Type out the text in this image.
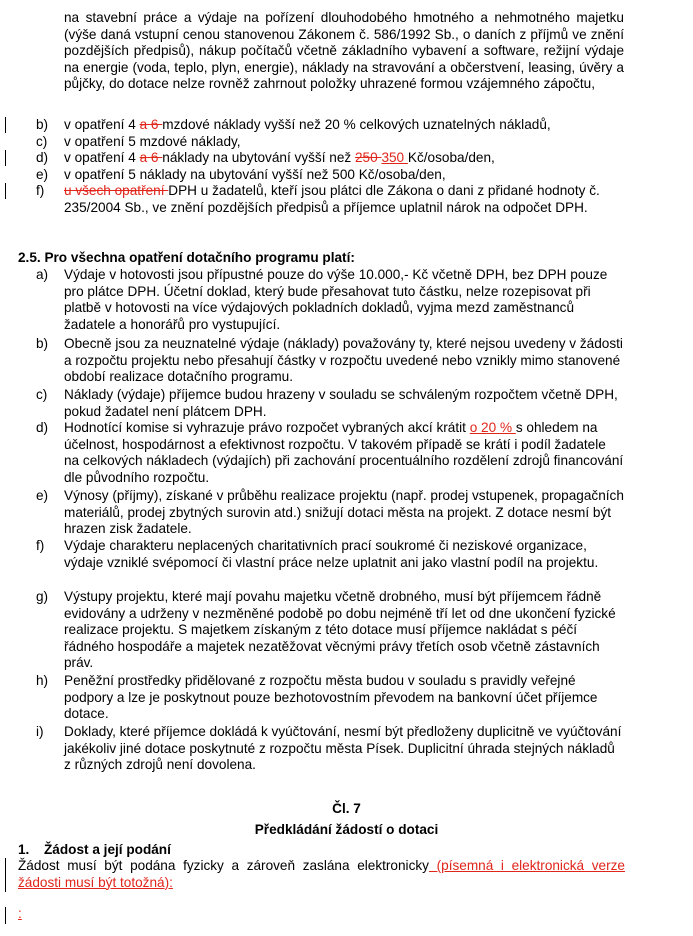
na stavební práce a výdaje na pořízení dlouhodobého hmotného a nehmotného majetku (výše daná vstupní cenou stanovenou Zákonem č. 586/1992 Sb., o daních z příjmů ve znění pozdějších předpisů), nákup počítačů včetně základního vybavení a software, režijní výdaje na energie (voda, teplo, plyn, energie), náklady na stravování a občerstvení, leasing, úvěry a půjčky, do dotace nelze rovněž zahrnout položky uhrazené formou vzájemného zápočtu,
b) v opatření 4 a 6 mzdové náklady vyšší než 20 % celkových uznatelných nákladů,
c) v opatření 5 mzdové náklady,
d) v opatření 4 a 6 náklady na ubytování vyšší než 250 350 Kč/osoba/den,
e) v opatření 5 náklady na ubytování vyšší než 500 Kč/osoba/den,
f) u všech opatření DPH u žadatelů, kteří jsou plátci dle Zákona o dani z přidané hodnoty č. 235/2004 Sb., ve znění pozdějších předpisů a příjemce uplatnil nárok na odpočet DPH.
2.5. Pro všechna opatření dotačního programu platí:
a) Výdaje v hotovosti jsou přípustné pouze do výše 10.000,- Kč včetně DPH, bez DPH pouze pro plátce DPH. Účetní doklad, který bude přesahovat tuto částku, nelze rozepisovat při platbě v hotovosti na více výdajových pokladních dokladů, vyjma mezd zaměstnanců žadatele a honorářů pro vystupující.
b) Obecně jsou za neuznatelné výdaje (náklady) považovány ty, které nejsou uvedeny v žádosti a rozpočtu projektu nebo přesahují částky v rozpočtu uvedené nebo vznikly mimo stanovené období realizace dotačního programu.
c) Náklady (výdaje) příjemce budou hrazeny v souladu se schváleným rozpočtem včetně DPH, pokud žadatel není plátcem DPH.
d) Hodnotící komise si vyhrazuje právo rozpočet vybraných akcí krátit o 20 % s ohledem na účelnost, hospodárnost a efektivnost rozpočtu. V takovém případě se krátí i podíl žadatele na celkových nákladech (výdajích) při zachování procentuálního rozdělení zdrojů financování dle původního rozpočtu.
e) Výnosy (příjmy), získané v průběhu realizace projektu (např. prodej vstupenek, propagačních materiálů, prodej zbytných surovin atd.) snižují dotaci města na projekt. Z dotace nesmí být hrazen zisk žadatele.
f) Výdaje charakteru neplacených charitativních prací soukromé či neziskové organizace, výdaje vzniklé svépomocí či vlastní práce nelze uplatnit ani jako vlastní podíl na projektu.
g) Výstupy projektu, které mají povahu majetku včetně drobného, musí být příjemcem řádně evidovány a udrženy v nezměněné podobě po dobu nejméně tří let od dne ukončení fyzické realizace projektu. S majetkem získaným z této dotace musí příjemce nakládat s péčí řádného hospodáře a majetek nezatěžovat věcnými právy třetích osob včetně zástavních práv.
h) Peněžní prostředky přidělované z rozpočtu města budou v souladu s pravidly veřejné podpory a lze je poskytnout pouze bezhotovostním převodem na bankovní účet příjemce dotace.
i) Doklady, které příjemce dokládá k vyúčtování, nesmí být předloženy duplicitně ve vyúčtování jakékoliv jiné dotace poskytnuté z rozpočtu města Písek. Duplicitní úhrada stejných nákladů z různých zdrojů není dovolena.
Čl. 7
Předkládání žádostí o dotaci
1. Žádost a její podání
Žádost musí být podána fyzicky a zároveň zaslána elektronicky (písemná i elektronická verze žádosti musí být totožná):
:
